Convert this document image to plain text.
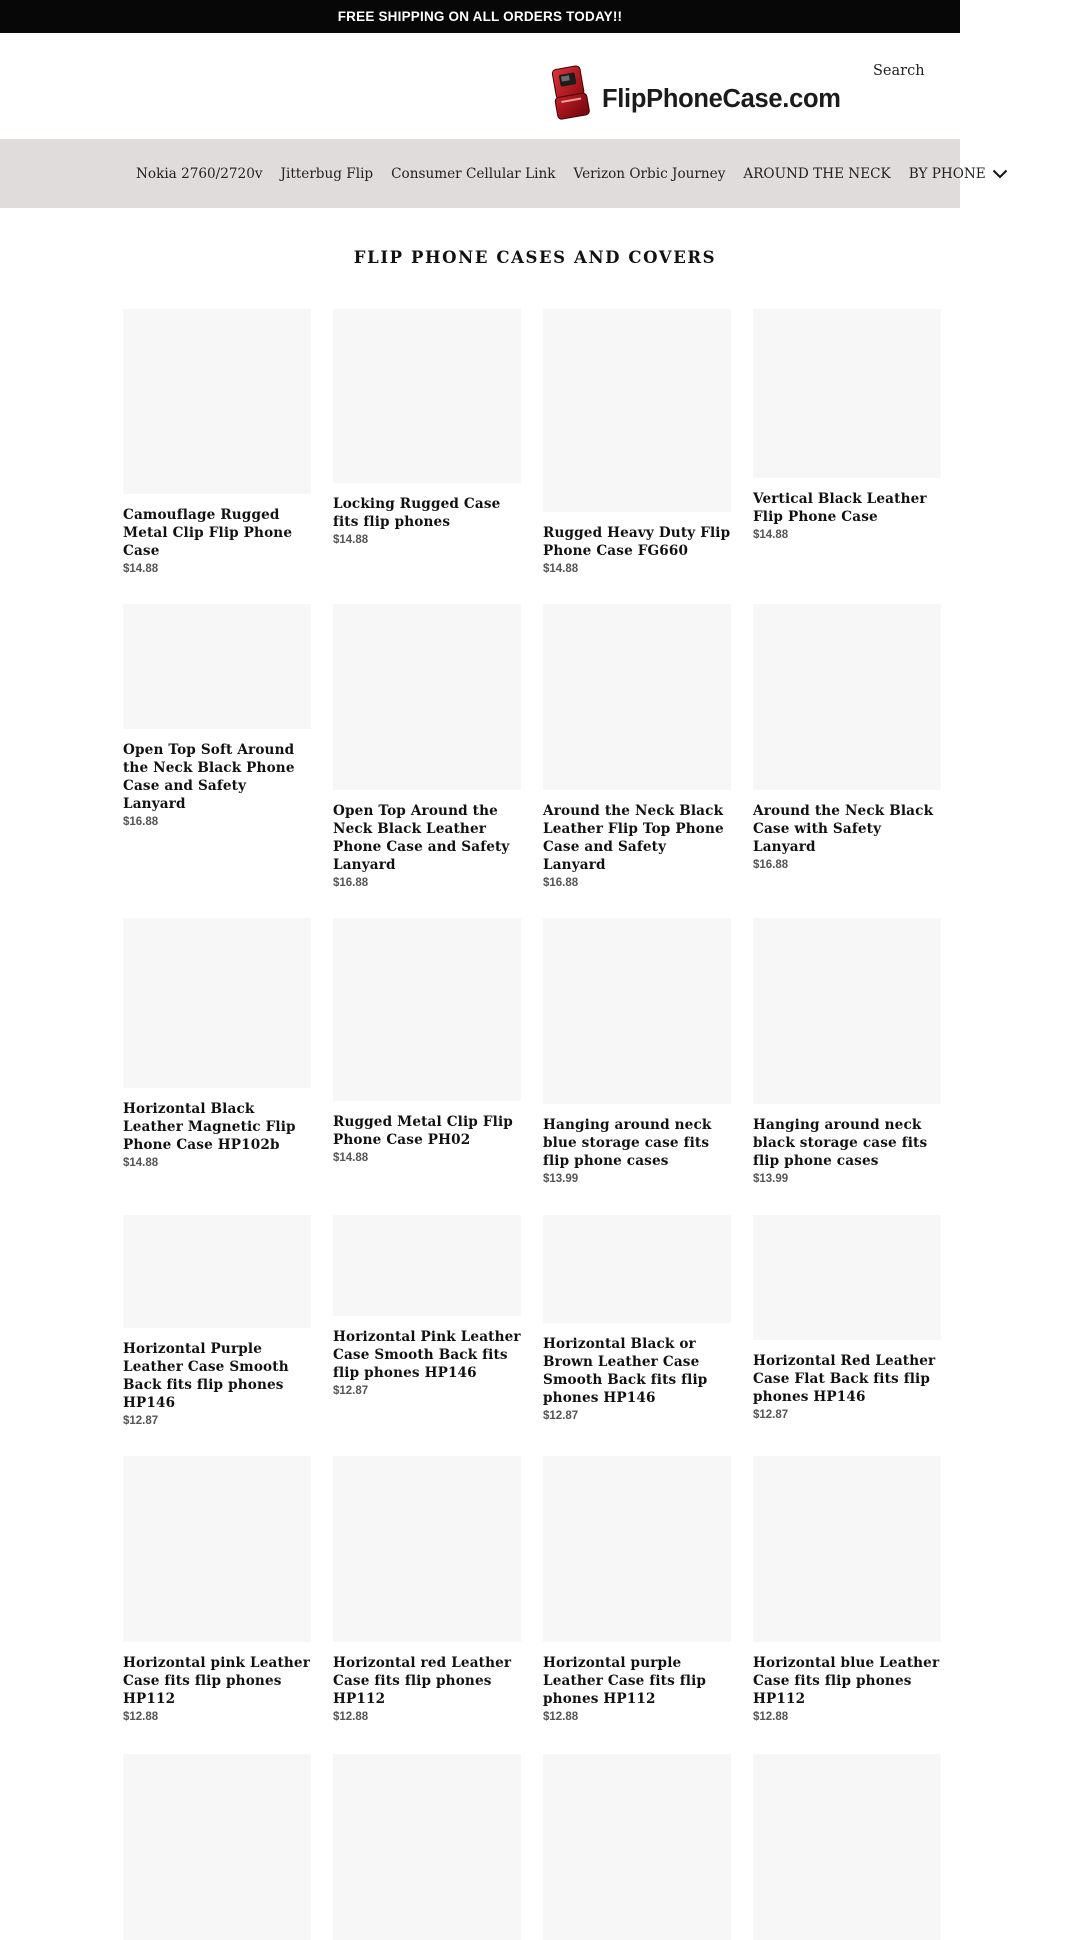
FREE SHIPPING ON ALL ORDERS TODAY!!
FlipPhoneCase.com
Search
Nokia 2760/2720v Jitterbug Flip Consumer Cellular Link Verizon Orbic Journey AROUND THE NECK BY PHONE
FLIP PHONE CASES AND COVERS
Camouflage Rugged Metal Clip Flip Phone Case
$14.88
Locking Rugged Case fits flip phones
$14.88	Rugged Heavy Duty Flip Phone Case FG660
$14.88
Vertical Black Leather Flip Phone Case
$14.88
Open Top Soft Around the Neck Black Phone Case and Safety Lanyard
$16.88
Open Top Around the Neck Black Leather Phone Case and Safety Lanyard
$16.88
Around the Neck Black Leather Flip Top Phone Case and Safety Lanyard
$16.88
Around the Neck Black Case with Safety Lanyard
$16.88
Horizontal Black Leather Magnetic Flip Phone Case HP102b
$14.88
Rugged Metal Clip Flip Phone Case PH02
$14.88
Hanging around neck blue storage case fits flip phone cases
$13.99
Hanging around neck black storage case fits flip phone cases
$13.99
Horizontal Purple Leather Case Smooth Back fits flip phones HP146
$12.87
Horizontal Pink Leather Case Smooth Back fits flip phones HP146
$12.87
Horizontal Black or Brown Leather Case Smooth Back fits flip phones HP146
$12.87
Horizontal Red Leather Case Flat Back fits flip phones HP146
$12.87
Horizontal pink Leather Case fits flip phones HP112
$12.88
Horizontal red Leather Case fits flip phones HP112
$12.88
Horizontal purple Leather Case fits flip phones HP112
$12.88
Horizontal blue Leather Case fits flip phones HP112
$12.88
